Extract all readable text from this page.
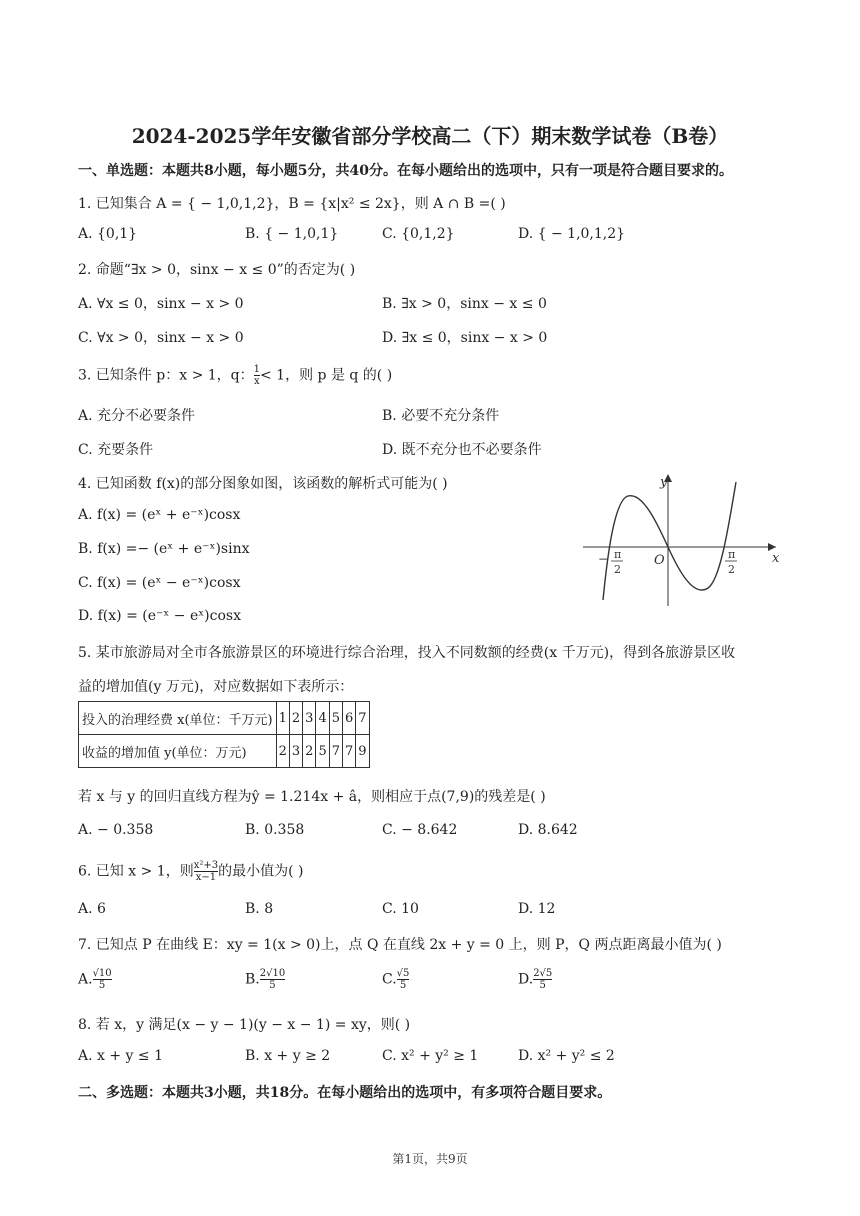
2024-2025学年安徽省部分学校高二（下）期末数学试卷（B卷）
一、单选题：本题共8小题，每小题5分，共40分。在每小题给出的选项中，只有一项是符合题目要求的。
1. 已知集合 A = { − 1,0,1,2}，B = {x|x² ≤ 2x}，则 A ∩ B =( )
A. {0,1}	B. { − 1,0,1}	C. {0,1,2}	D. { − 1,0,1,2}
2. 命题“∃x > 0，sinx − x ≤ 0”的否定为( )
A. ∀x ≤ 0，sinx − x > 0	B. ∃x > 0，sinx − x ≤ 0
C. ∀x > 0，sinx − x > 0	D. ∃x ≤ 0，sinx − x > 0
3. 已知条件 p：x > 1，q： $\frac{1}{x} < 1$，则 p 是 q 的( )
A. 充分不必要条件	B. 必要不充分条件
C. 充要条件	D. 既不充分也不必要条件
4. 已知函数 f(x)的部分图象如图，该函数的解析式可能为( )
A. f(x) = (eˣ + e⁻ˣ)cosx
B. f(x) =− (eˣ + e⁻ˣ)sinx
C. f(x) = (eˣ − e⁻ˣ)cosx
D. f(x) = (e⁻ˣ − eˣ)cosx
y
x
O
− π
2
π
2
5. 某市旅游局对全市各旅游景区的环境进行综合治理，投入不同数额的经费(x 千万元)，得到各旅游景区收
益的增加值(y 万元)，对应数据如下表所示：
投入的治理经费 x(单位：千万元)	1	2	3	4	5	6	7
收益的增加值 y(单位：万元)	2	3	2	5	7	7	9
若 x 与 y 的回归直线方程为ŷ = 1.214x + â，则相应于点(7,9)的残差是( )
A. − 0.358	B. 0.358	C. − 8.642	D. 8.642
6. 已知 x > 1，则 $\frac{\text{x²+3}}{x-1}$ 的最小值为( )
A. 6	B. 8	C. 10	D. 12
7. 已知点 P 在曲线 E：xy = 1(x > 0)上，点 Q 在直线 2x + y = 0 上，则 P，Q 两点距离最小值为( )
A. $\frac{√10}{5}$	B. $\frac{2√10}{5}$	C. $\frac{√5}{5}$	D. $\frac{2√5}{5}$
8. 若 x，y 满足(x − y − 1)(y − x − 1) = xy，则( )
A. x + y ≤ 1	B. x + y ≥ 2	C. x² + y² ≥ 1	D. x² + y² ≤ 2
二、多选题：本题共3小题，共18分。在每小题给出的选项中，有多项符合题目要求。
第1页，共9页
